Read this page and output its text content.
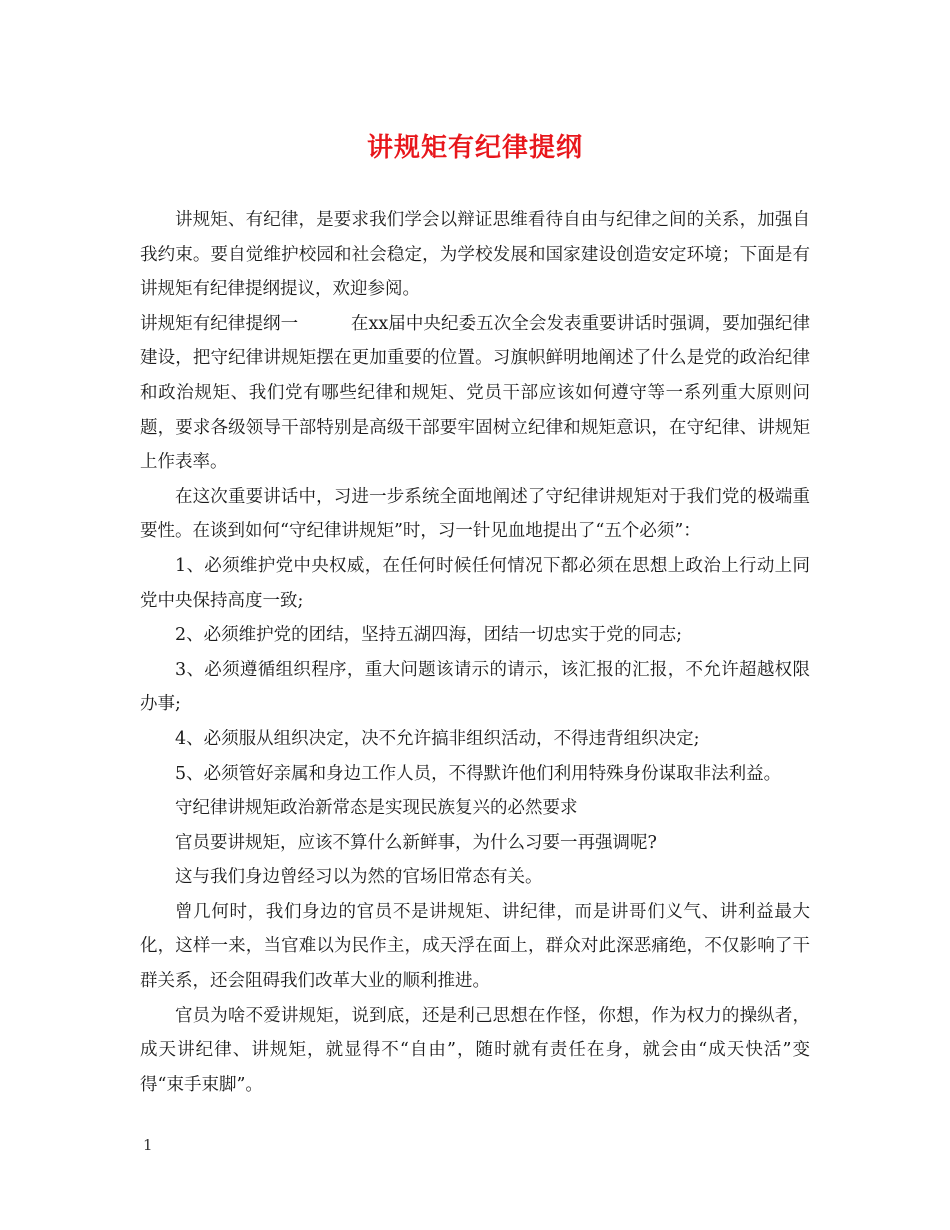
讲规矩有纪律提纲

讲规矩、有纪律，是要求我们学会以辩证思维看待自由与纪律之间的关系，加强自我约束。要自觉维护校园和社会稳定，为学校发展和国家建设创造安定环境；下面是有讲规矩有纪律提纲提议，欢迎参阅。

讲规矩有纪律提纲一　　　在xx届中央纪委五次全会发表重要讲话时强调，要加强纪律建设，把守纪律讲规矩摆在更加重要的位置。习旗帜鲜明地阐述了什么是党的政治纪律和政治规矩、我们党有哪些纪律和规矩、党员干部应该如何遵守等一系列重大原则问题，要求各级领导干部特别是高级干部要牢固树立纪律和规矩意识，在守纪律、讲规矩上作表率。

在这次重要讲话中，习进一步系统全面地阐述了守纪律讲规矩对于我们党的极端重要性。在谈到如何“守纪律讲规矩”时，习一针见血地提出了“五个必须”：

1、必须维护党中央权威，在任何时候任何情况下都必须在思想上政治上行动上同党中央保持高度一致;

2、必须维护党的团结，坚持五湖四海，团结一切忠实于党的同志;

3、必须遵循组织程序，重大问题该请示的请示，该汇报的汇报，不允许超越权限办事;

4、必须服从组织决定，决不允许搞非组织活动，不得违背组织决定;

5、必须管好亲属和身边工作人员，不得默许他们利用特殊身份谋取非法利益。

守纪律讲规矩政治新常态是实现民族复兴的必然要求

官员要讲规矩，应该不算什么新鲜事，为什么习要一再强调呢?

这与我们身边曾经习以为然的官场旧常态有关。

曾几何时，我们身边的官员不是讲规矩、讲纪律，而是讲哥们义气、讲利益最大化，这样一来，当官难以为民作主，成天浮在面上，群众对此深恶痛绝，不仅影响了干群关系，还会阻碍我们改革大业的顺利推进。

官员为啥不爱讲规矩，说到底，还是利己思想在作怪，你想，作为权力的操纵者，成天讲纪律、讲规矩，就显得不“自由”，随时就有责任在身，就会由“成天快活”变得“束手束脚”。

1
